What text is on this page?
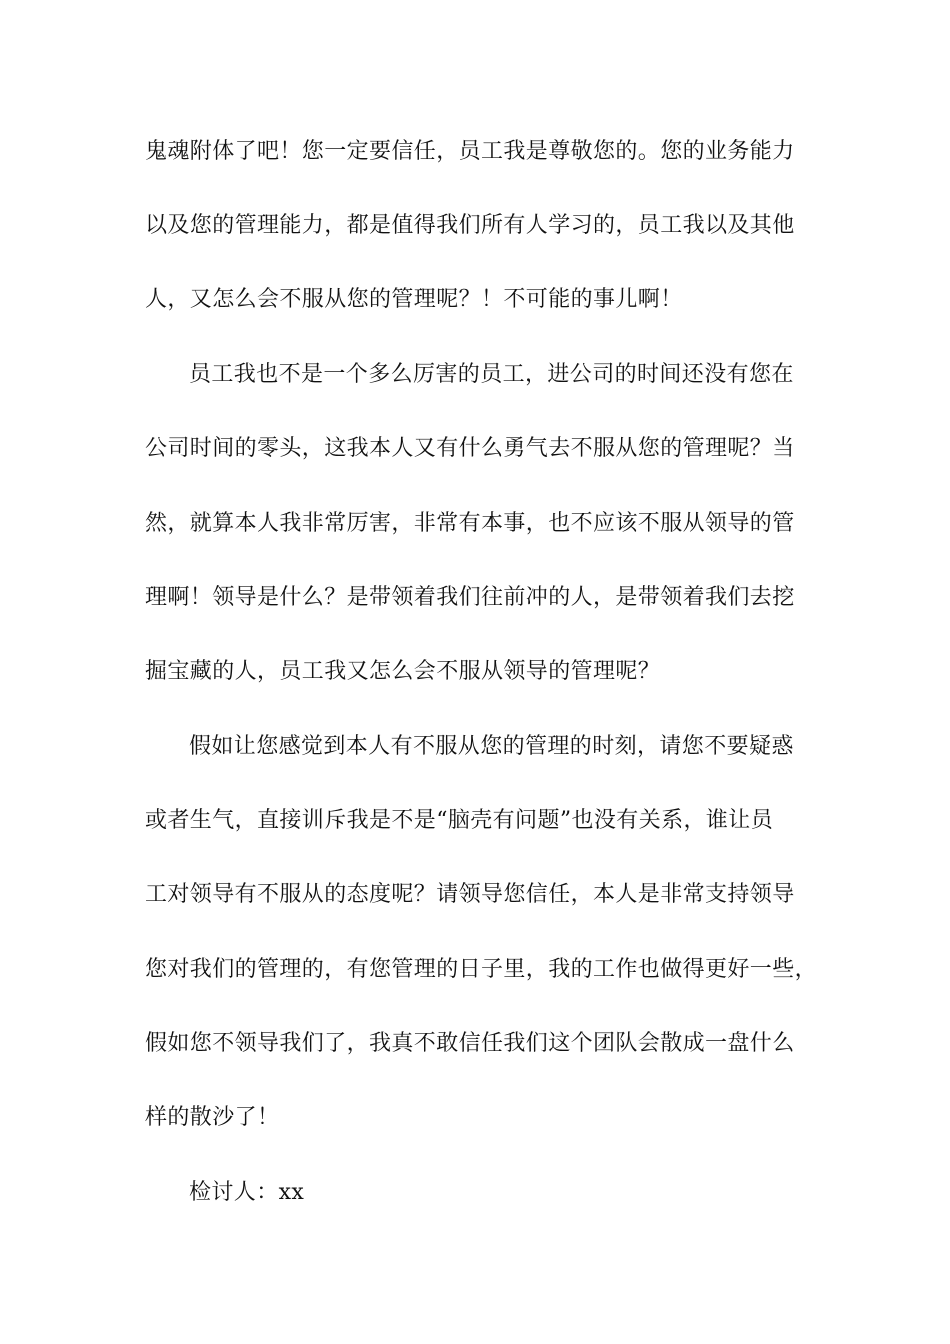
鬼魂附体了吧！您一定要信任，员工我是尊敬您的。您的业务能力
以及您的管理能力，都是值得我们所有人学习的，员工我以及其他
人，又怎么会不服从您的管理呢？！不可能的事儿啊！
员工我也不是一个多么厉害的员工，进公司的时间还没有您在
公司时间的零头，这我本人又有什么勇气去不服从您的管理呢？当
然，就算本人我非常厉害，非常有本事，也不应该不服从领导的管
理啊！领导是什么？是带领着我们往前冲的人，是带领着我们去挖
掘宝藏的人，员工我又怎么会不服从领导的管理呢？
假如让您感觉到本人有不服从您的管理的时刻，请您不要疑惑
或者生气，直接训斥我是不是“脑壳有问题”也没有关系，谁让员
工对领导有不服从的态度呢？请领导您信任，本人是非常支持领导
您对我们的管理的，有您管理的日子里，我的工作也做得更好一些，
假如您不领导我们了，我真不敢信任我们这个团队会散成一盘什么
样的散沙了！
检讨人：xx
